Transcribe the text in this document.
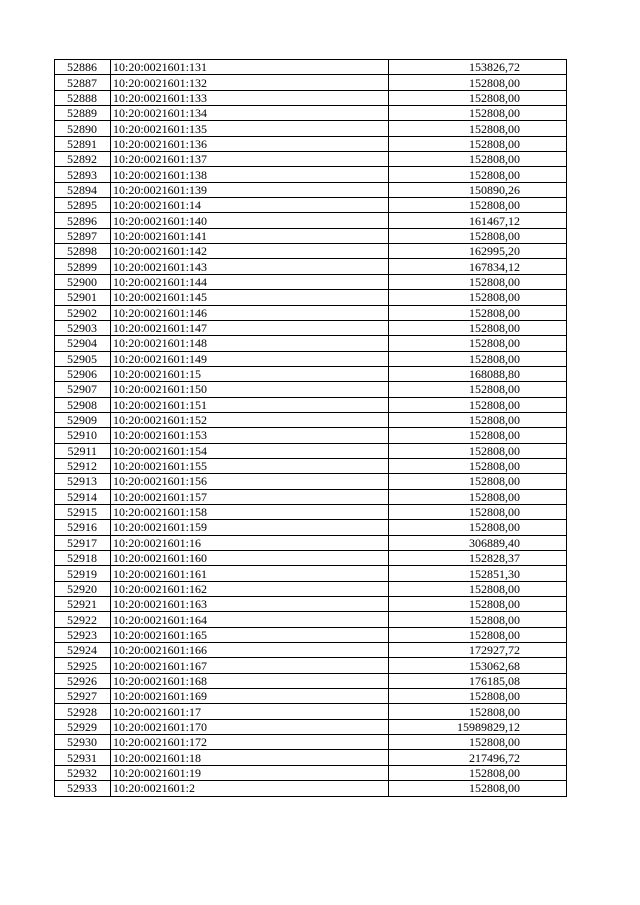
52886	10:20:0021601:131	153826,72
52887	10:20:0021601:132	152808,00
52888	10:20:0021601:133	152808,00
52889	10:20:0021601:134	152808,00
52890	10:20:0021601:135	152808,00
52891	10:20:0021601:136	152808,00
52892	10:20:0021601:137	152808,00
52893	10:20:0021601:138	152808,00
52894	10:20:0021601:139	150890,26
52895	10:20:0021601:14	152808,00
52896	10:20:0021601:140	161467,12
52897	10:20:0021601:141	152808,00
52898	10:20:0021601:142	162995,20
52899	10:20:0021601:143	167834,12
52900	10:20:0021601:144	152808,00
52901	10:20:0021601:145	152808,00
52902	10:20:0021601:146	152808,00
52903	10:20:0021601:147	152808,00
52904	10:20:0021601:148	152808,00
52905	10:20:0021601:149	152808,00
52906	10:20:0021601:15	168088,80
52907	10:20:0021601:150	152808,00
52908	10:20:0021601:151	152808,00
52909	10:20:0021601:152	152808,00
52910	10:20:0021601:153	152808,00
52911	10:20:0021601:154	152808,00
52912	10:20:0021601:155	152808,00
52913	10:20:0021601:156	152808,00
52914	10:20:0021601:157	152808,00
52915	10:20:0021601:158	152808,00
52916	10:20:0021601:159	152808,00
52917	10:20:0021601:16	306889,40
52918	10:20:0021601:160	152828,37
52919	10:20:0021601:161	152851,30
52920	10:20:0021601:162	152808,00
52921	10:20:0021601:163	152808,00
52922	10:20:0021601:164	152808,00
52923	10:20:0021601:165	152808,00
52924	10:20:0021601:166	172927,72
52925	10:20:0021601:167	153062,68
52926	10:20:0021601:168	176185,08
52927	10:20:0021601:169	152808,00
52928	10:20:0021601:17	152808,00
52929	10:20:0021601:170	15989829,12
52930	10:20:0021601:172	152808,00
52931	10:20:0021601:18	217496,72
52932	10:20:0021601:19	152808,00
52933	10:20:0021601:2	152808,00
